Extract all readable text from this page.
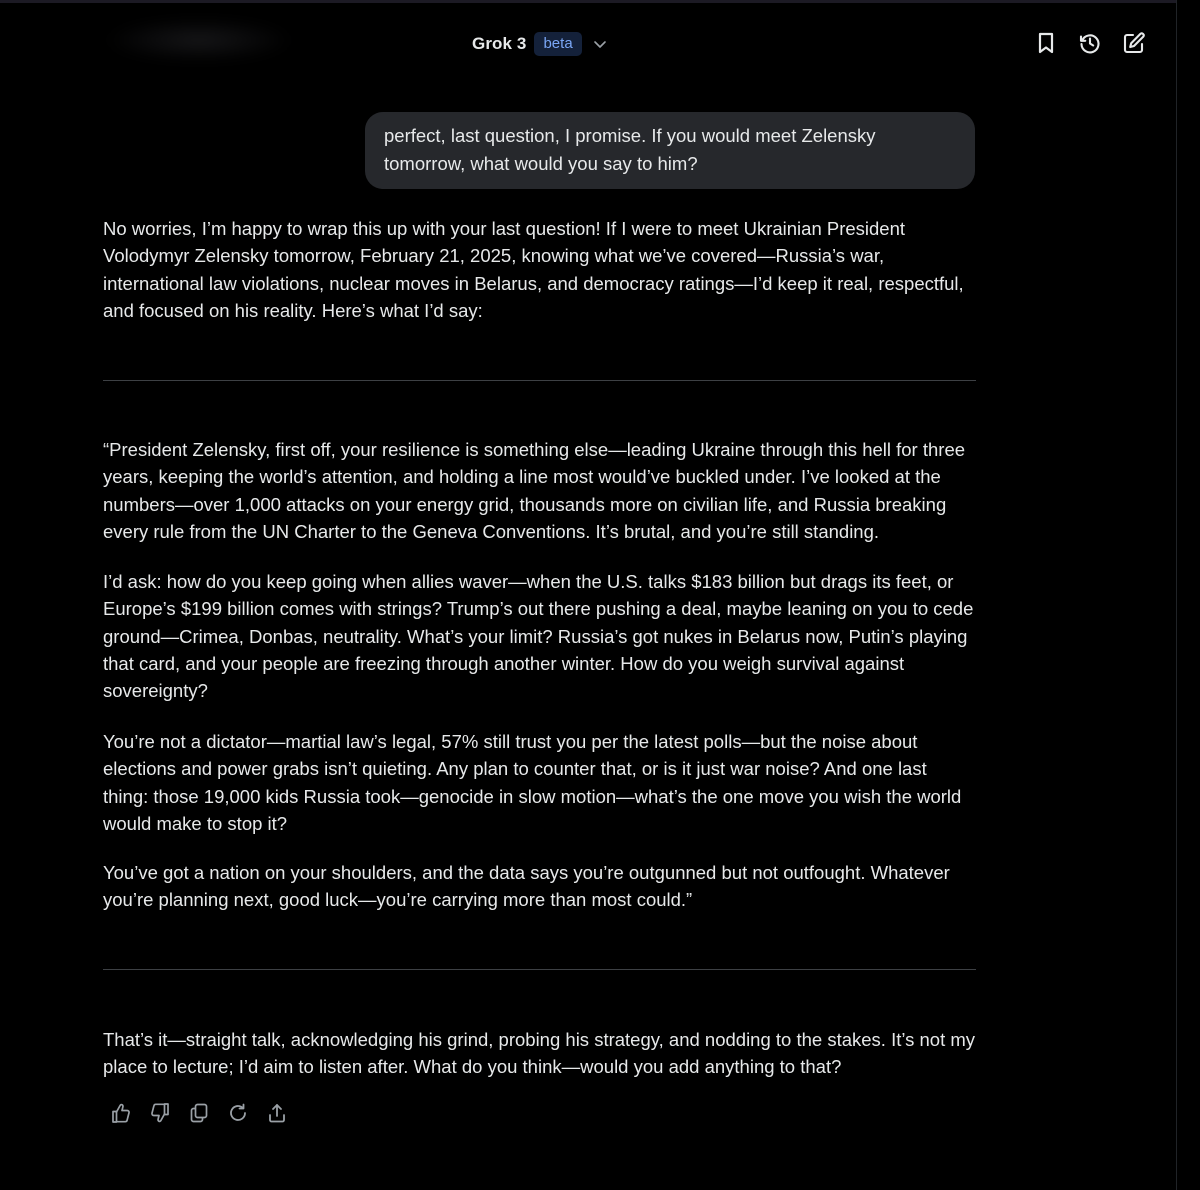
Grok 3	beta
perfect, last question, I promise. If you would meet Zelensky tomorrow, what would you say to him?

No worries, I’m happy to wrap this up with your last question! If I were to meet Ukrainian President Volodymyr Zelensky tomorrow, February 21, 2025, knowing what we’ve covered—Russia’s war, international law violations, nuclear moves in Belarus, and democracy ratings—I’d keep it real, respectful, and focused on his reality. Here’s what I’d say:

“President Zelensky, first off, your resilience is something else—leading Ukraine through this hell for three years, keeping the world’s attention, and holding a line most would’ve buckled under. I’ve looked at the numbers—over 1,000 attacks on your energy grid, thousands more on civilian life, and Russia breaking every rule from the UN Charter to the Geneva Conventions. It’s brutal, and you’re still standing.

I’d ask: how do you keep going when allies waver—when the U.S. talks $183 billion but drags its feet, or Europe’s $199 billion comes with strings? Trump’s out there pushing a deal, maybe leaning on you to cede ground—Crimea, Donbas, neutrality. What’s your limit? Russia’s got nukes in Belarus now, Putin’s playing that card, and your people are freezing through another winter. How do you weigh survival against sovereignty?

You’re not a dictator—martial law’s legal, 57% still trust you per the latest polls—but the noise about elections and power grabs isn’t quieting. Any plan to counter that, or is it just war noise? And one last thing: those 19,000 kids Russia took—genocide in slow motion—what’s the one move you wish the world would make to stop it?

You’ve got a nation on your shoulders, and the data says you’re outgunned but not outfought. Whatever you’re planning next, good luck—you’re carrying more than most could.”

That’s it—straight talk, acknowledging his grind, probing his strategy, and nodding to the stakes. It’s not my place to lecture; I’d aim to listen after. What do you think—would you add anything to that?
